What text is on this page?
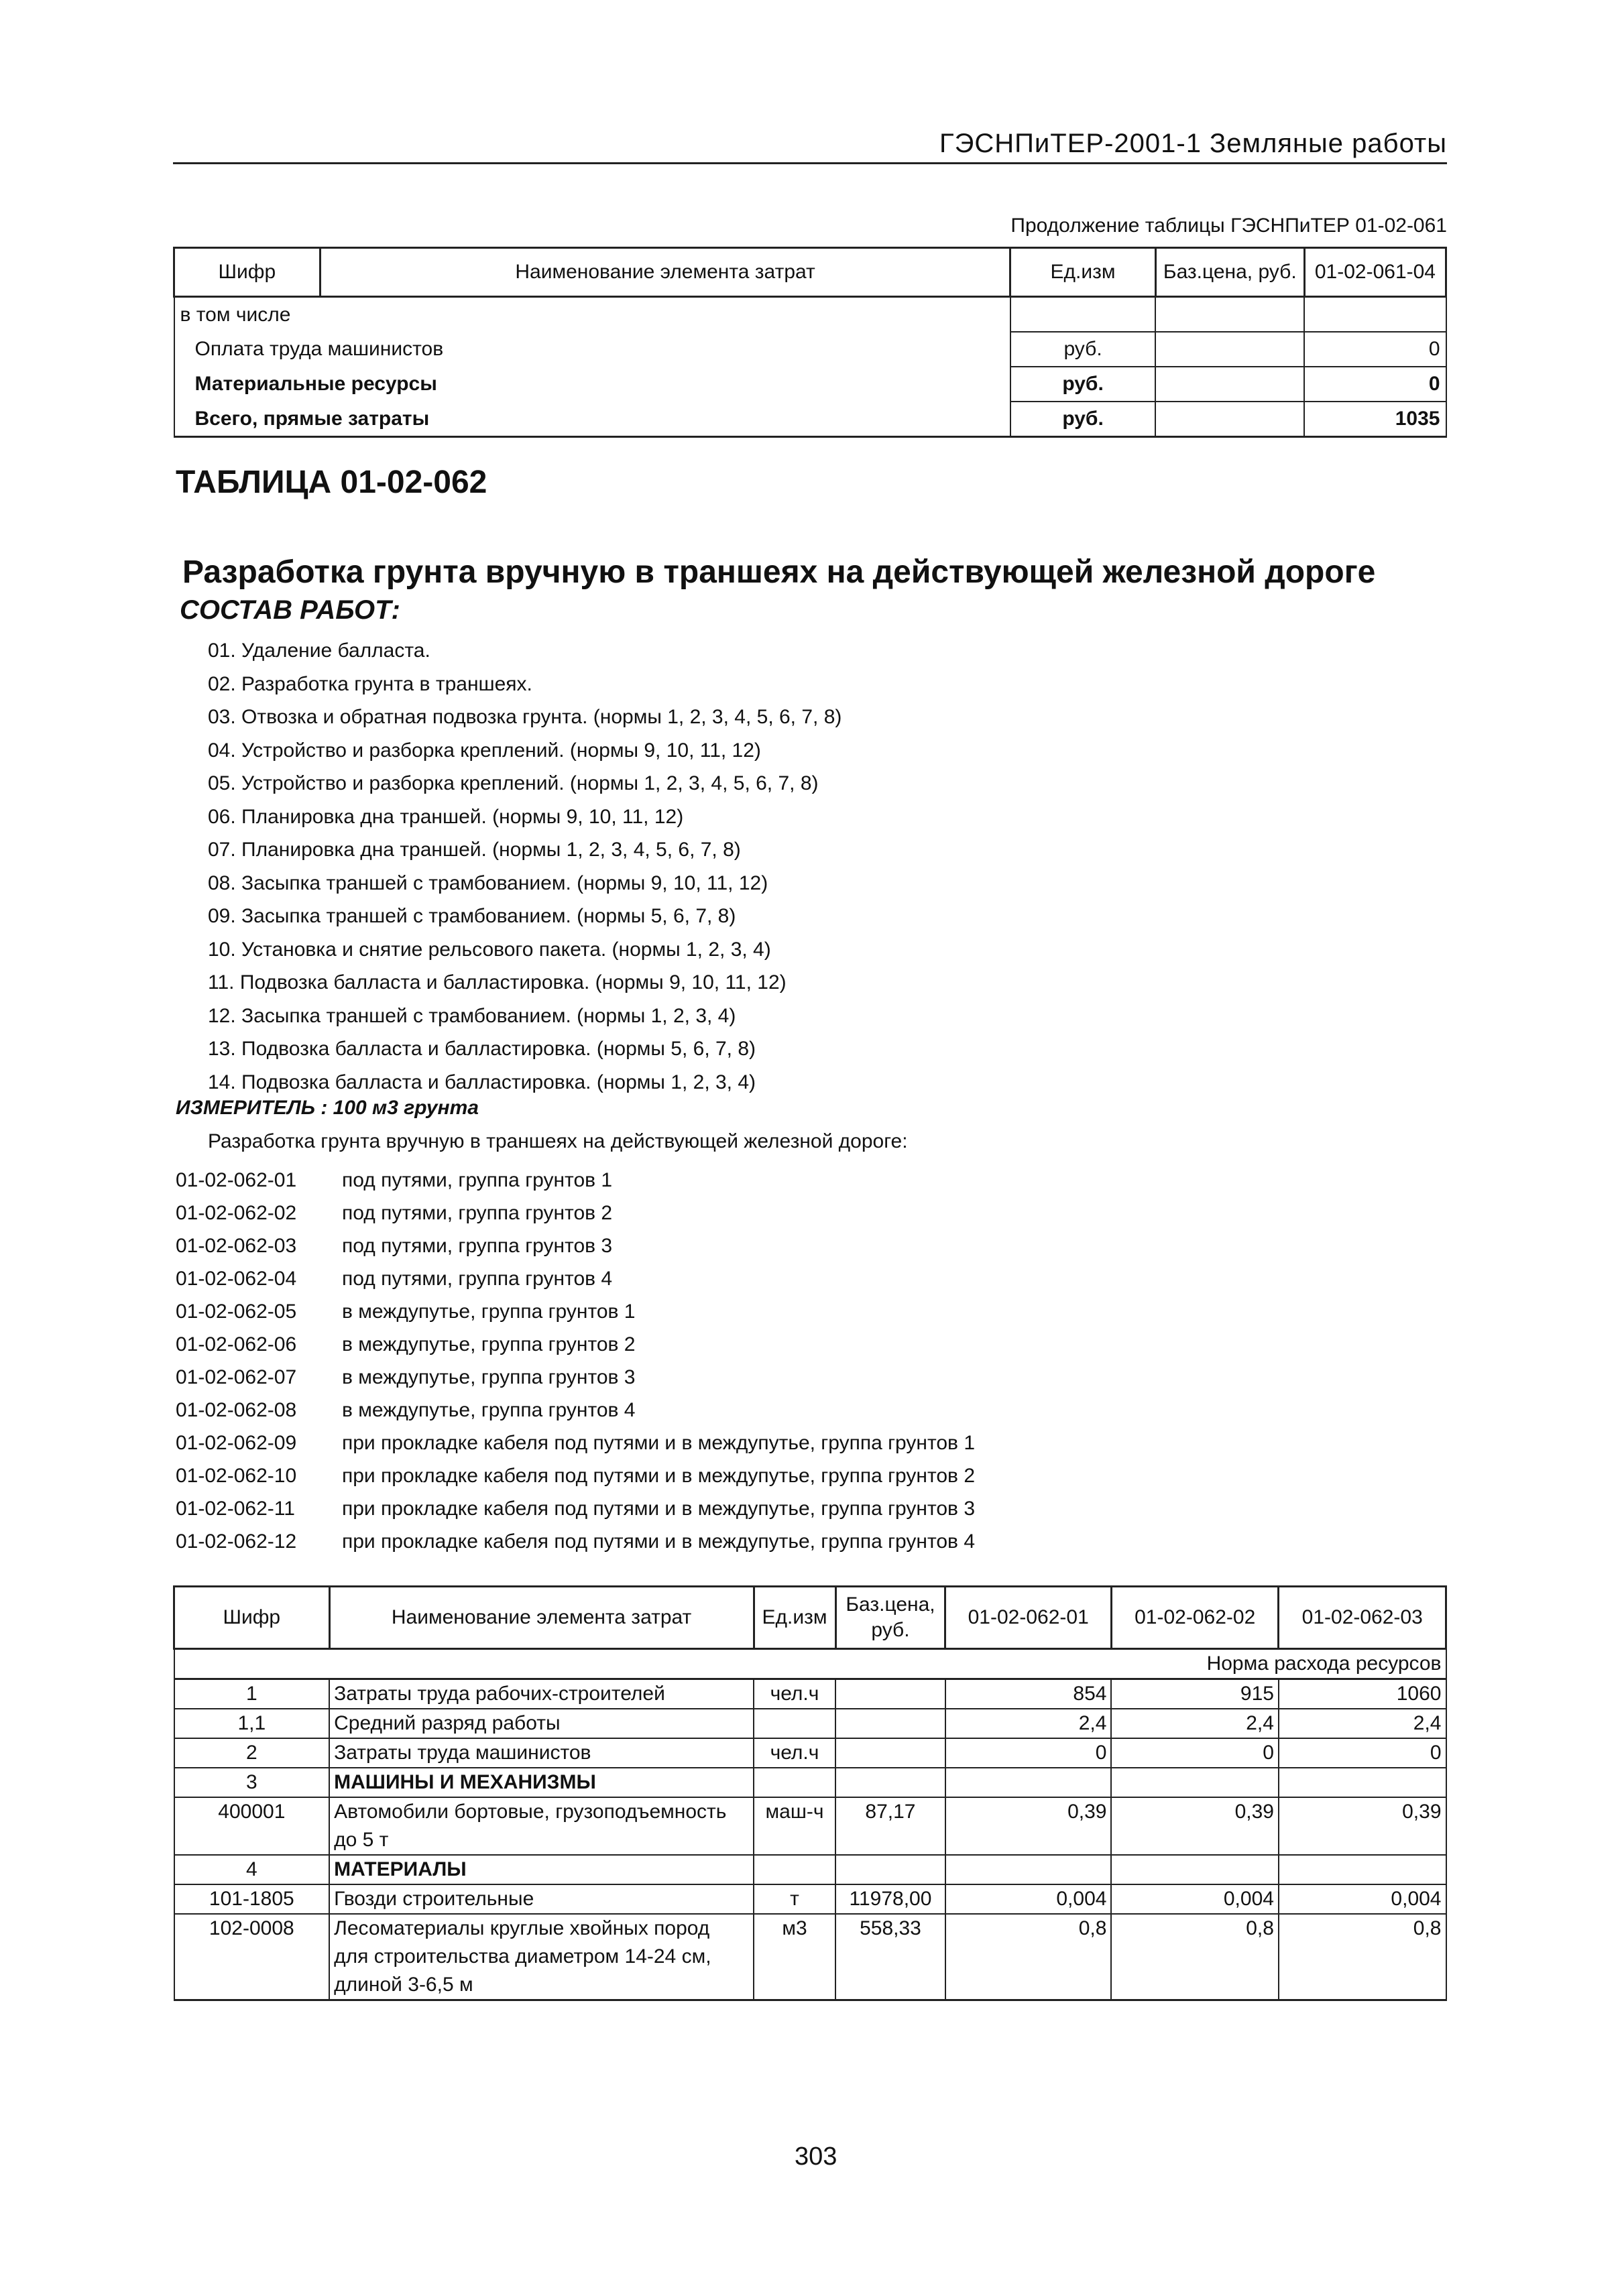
ГЭСНПиТЕР-2001-1 Земляные работы
Продолжение таблицы ГЭСНПиТЕР 01-02-061
Шифр	Наименование элемента затрат	Ед.изм	Баз.цена, руб.	01-02-061-04
в том числе				
Оплата труда машинистов		руб.		0
Материальные ресурсы		руб.		0
Всего, прямые затраты		руб.		1035
ТАБЛИЦА 01-02-062
Разработка грунта вручную в траншеях на действующей железной дороге
СОСТАВ РАБОТ:
01. Удаление балласта.
02. Разработка грунта в траншеях.
03. Отвозка и обратная подвозка грунта. (нормы 1, 2, 3, 4, 5, 6, 7, 8)
04. Устройство и разборка креплений. (нормы 9, 10, 11, 12)
05. Устройство и разборка креплений. (нормы 1, 2, 3, 4, 5, 6, 7, 8)
06. Планировка дна траншей. (нормы 9, 10, 11, 12)
07. Планировка дна траншей. (нормы 1, 2, 3, 4, 5, 6, 7, 8)
08. Засыпка траншей с трамбованием. (нормы 9, 10, 11, 12)
09. Засыпка траншей с трамбованием. (нормы 5, 6, 7, 8)
10. Установка и снятие рельсового пакета. (нормы 1, 2, 3, 4)
11. Подвозка балласта и балластировка. (нормы 9, 10, 11, 12)
12. Засыпка траншей с трамбованием. (нормы 1, 2, 3, 4)
13. Подвозка балласта и балластировка. (нормы 5, 6, 7, 8)
14. Подвозка балласта и балластировка. (нормы 1, 2, 3, 4)
ИЗМЕРИТЕЛЬ : 100 м3 грунта
Разработка грунта вручную в траншеях на действующей железной дороге:
01-02-062-01 под путями, группа грунтов 1
01-02-062-02 под путями, группа грунтов 2
01-02-062-03 под путями, группа грунтов 3
01-02-062-04 под путями, группа грунтов 4
01-02-062-05 в междупутье, группа грунтов 1
01-02-062-06 в междупутье, группа грунтов 2
01-02-062-07 в междупутье, группа грунтов 3
01-02-062-08 в междупутье, группа грунтов 4
01-02-062-09 при прокладке кабеля под путями и в междупутье, группа грунтов 1
01-02-062-10 при прокладке кабеля под путями и в междупутье, группа грунтов 2
01-02-062-11 при прокладке кабеля под путями и в междупутье, группа грунтов 3
01-02-062-12 при прокладке кабеля под путями и в междупутье, группа грунтов 4
Шифр	Наименование элемента затрат	Ед.изм	Баз.цена, руб.	01-02-062-01	01-02-062-02	01-02-062-03
Норма расхода ресурсов						
1	Затраты труда рабочих-строителей	чел.ч		854	915	1060
1,1	Средний разряд работы			2,4	2,4	2,4
2	Затраты труда машинистов	чел.ч		0	0	0
3	МАШИНЫ И МЕХАНИЗМЫ					
400001	Автомобили бортовые, грузоподъемность до 5 т	маш-ч	87,17	0,39	0,39	0,39
4	МАТЕРИАЛЫ					
101-1805	Гвозди строительные	т	11978,00	0,004	0,004	0,004
102-0008	Лесоматериалы круглые хвойных пород для строительства диаметром 14-24 см, длиной 3-6,5 м	м3	558,33	0,8	0,8	0,8
303
